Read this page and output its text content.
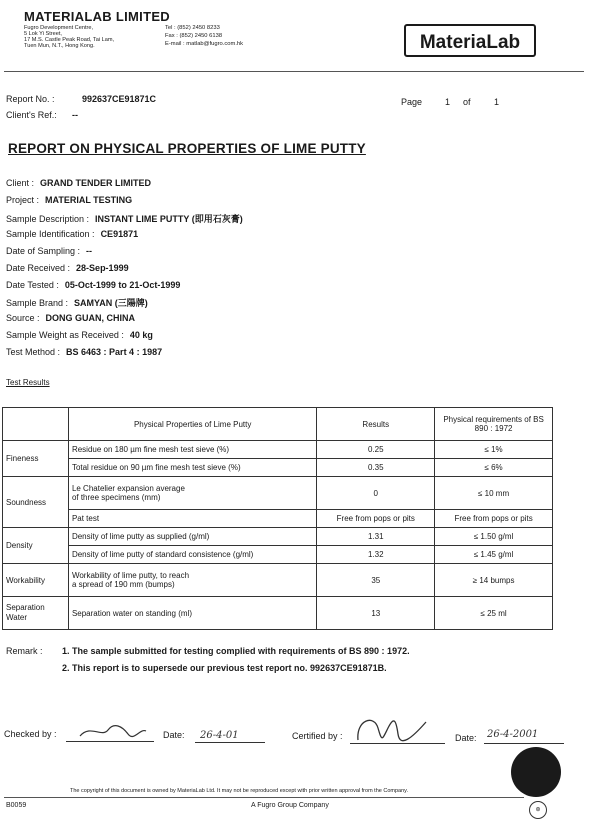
MATERIALAB LIMITED
Fugro Development Centre,
5 Lok Yi Street,
17 M.S. Castle Peak Road, Tai Lam,
Tuen Mun, N.T., Hong Kong.
Tel : (852) 2450 8233
Fax : (852) 2450 6138
E-mail : matlab@fugro.com.hk	MateriaLab
Report No. :	992637CE91871C
Client's Ref.: --
Page	1 of	1
REPORT ON PHYSICAL PROPERTIES OF LIME PUTTY
Client : GRAND TENDER LIMITED
Project : MATERIAL TESTING
Sample Description : INSTANT LIME PUTTY (即用石灰膏)
Sample Identification : CE91871
Date of Sampling : --
Date Received : 28-Sep-1999
Date Tested : 05-Oct-1999 to 21-Oct-1999
Sample Brand : SAMYAN (三陽牌)
Source : DONG GUAN, CHINA
Sample Weight as Received : 40 kg
Test Method : BS 6463 : Part 4 : 1987
Test Results
	Physical Properties of Lime Putty	Results	Physical requirements of BS 890 : 1972
Fineness	Residue on 180 µm fine mesh test sieve (%)	0.25	≤ 1%
	Total residue on 90 µm fine mesh test sieve (%)	0.35	≤ 6%
Soundness	Le Chatelier expansion average
of three specimens (mm)	0	≤ 10 mm
	Pat test	Free from pops or pits	Free from pops or pits
Density	Density of lime putty as supplied (g/ml)	1.31	≤ 1.50 g/ml
	Density of lime putty of standard consistence (g/ml)	1.32	≤ 1.45 g/ml
Workability	Workability of lime putty, to reach
a spread of 190 mm (bumps)	35	≥ 14 bumps
Separation Water	Separation water on standing (ml)	13	≤ 25 ml
Remark : 1. The sample submitted for testing complied with requirements of BS 890 : 1972.
2. This report is to supersede our previous test report no. 992637CE91871B.
Checked by :	Date: 26-4-01	Certified by :	Date: 26-4-2001
The copyright of this document is owned by MateriaLab Ltd. It may not be reproduced except with prior written approval from the Company.
B0059	A Fugro Group Company
⊛
